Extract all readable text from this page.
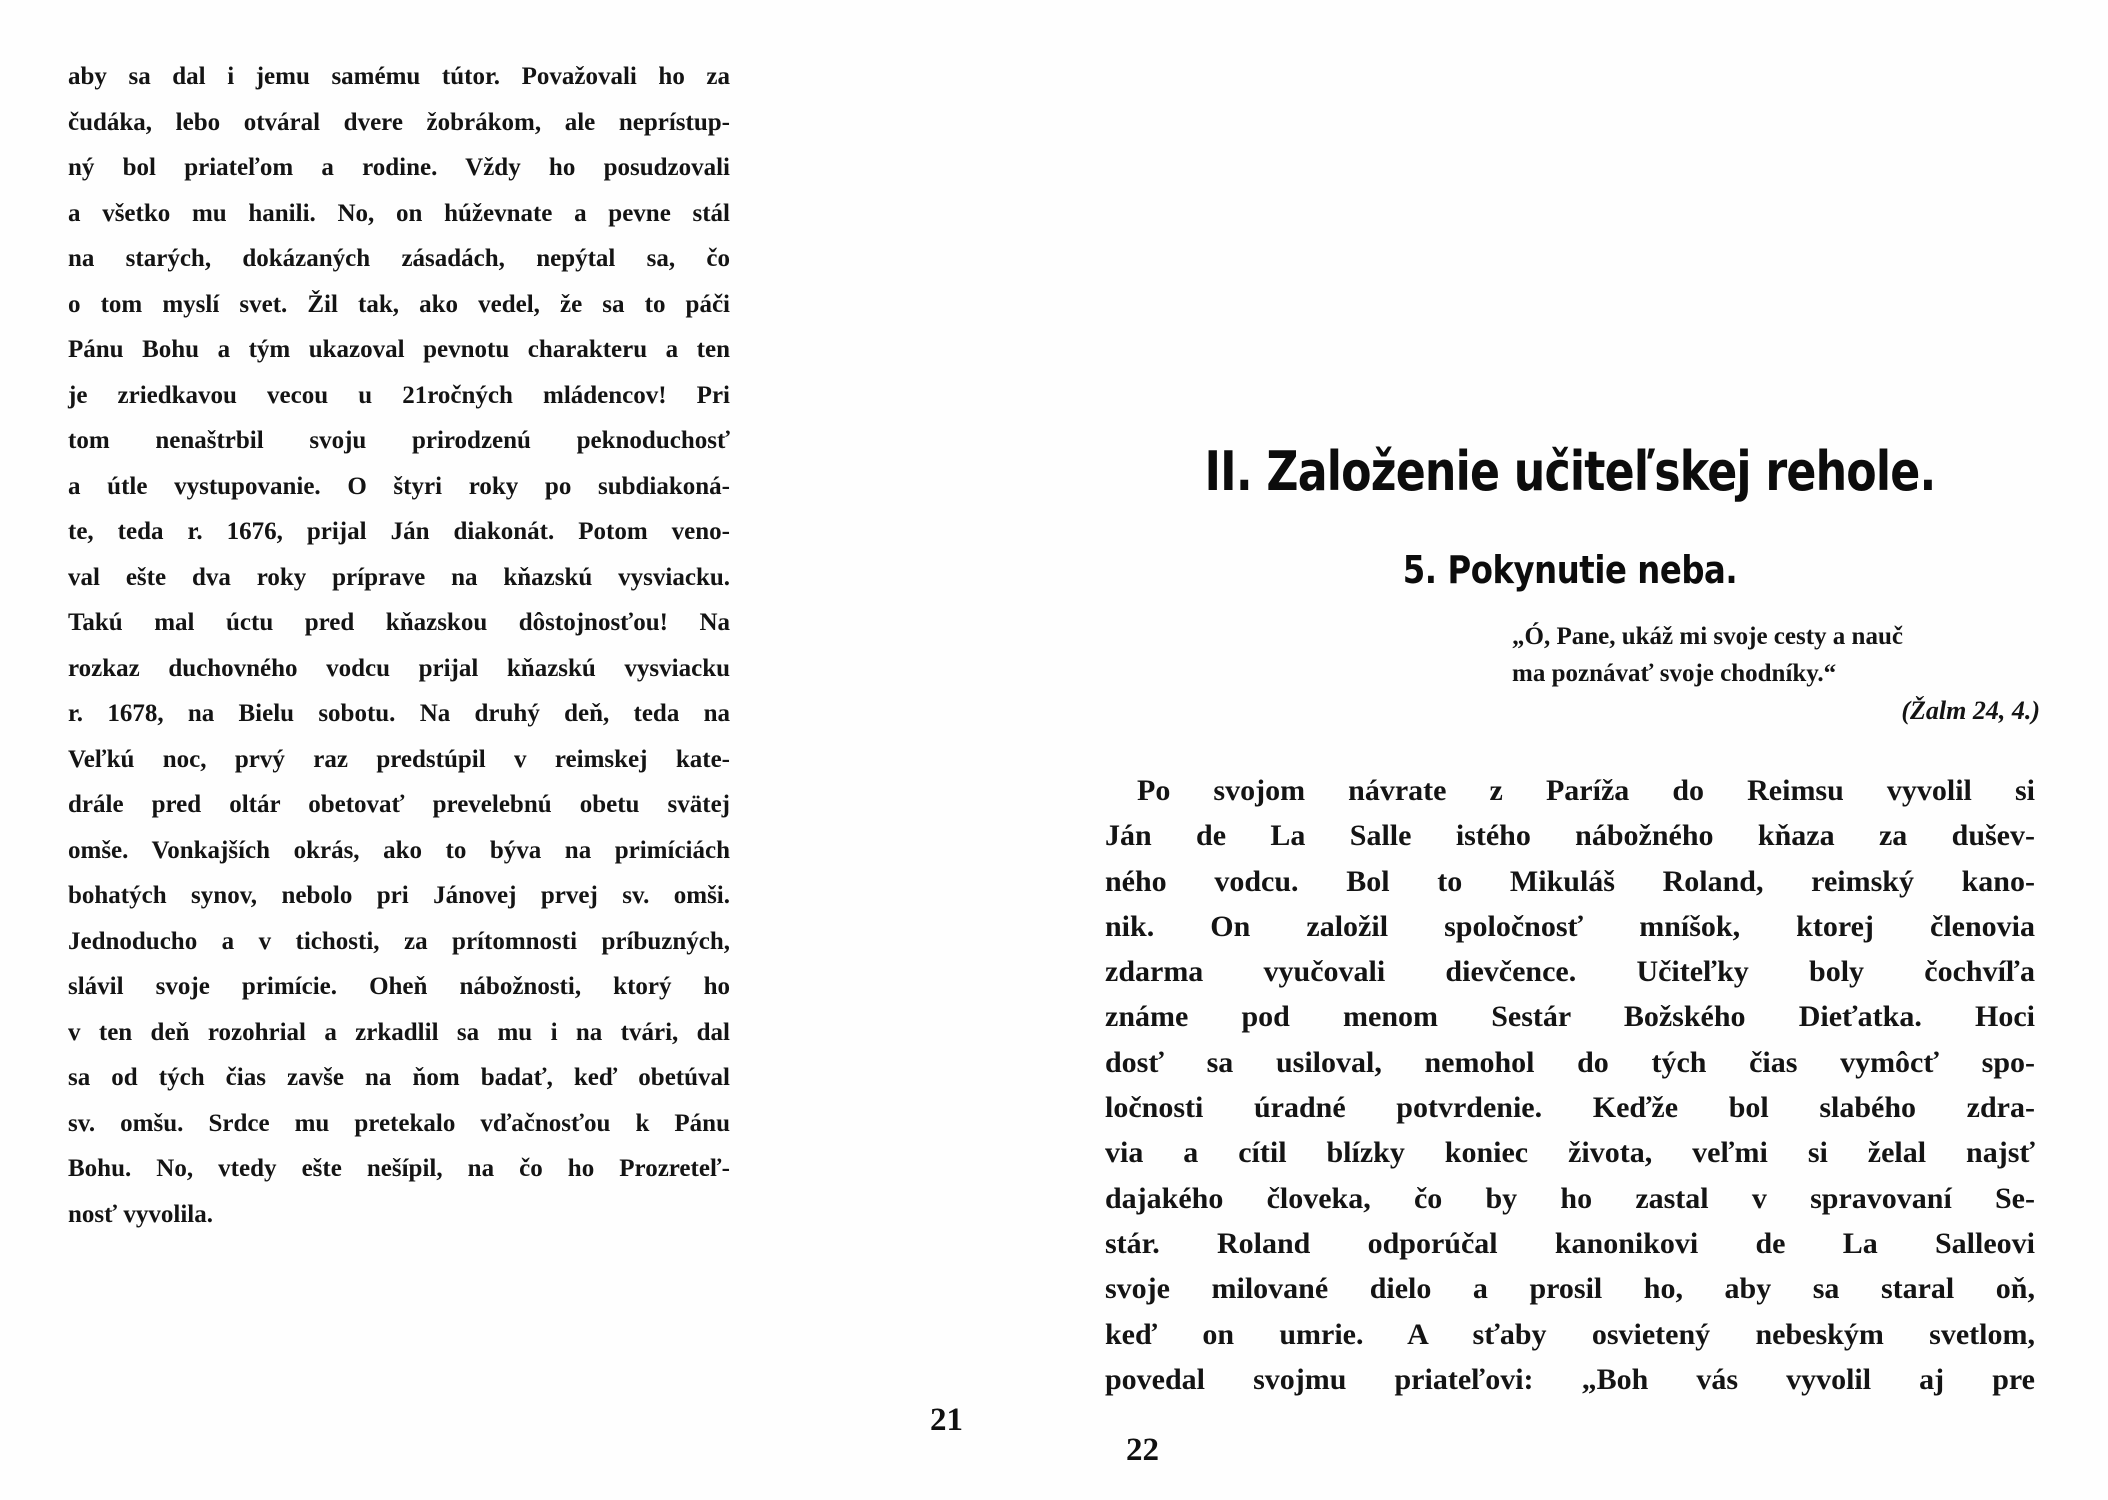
aby sa dal i jemu samému tútor. Považovali ho za
čudáka, lebo otváral dvere žobrákom, ale neprístup-
ný bol priateľom a rodine. Vždy ho posudzovali
a všetko mu hanili. No, on húževnate a pevne stál
na starých, dokázaných zásadách, nepýtal sa, čo
o tom myslí svet. Žil tak, ako vedel, že sa to páči
Pánu Bohu a tým ukazoval pevnotu charakteru a ten
je zriedkavou vecou u 21ročných mládencov! Pri
tom nenaštrbil svoju prirodzenú peknoduchosť
a útle vystupovanie. O štyri roky po subdiakoná-
te, teda r. 1676, prijal Ján diakonát. Potom veno-
val ešte dva roky príprave na kňazskú vysviacku.
Takú mal úctu pred kňazskou dôstojnosťou! Na
rozkaz duchovného vodcu prijal kňazskú vysviacku
r. 1678, na Bielu sobotu. Na druhý deň, teda na
Veľkú noc, prvý raz predstúpil v reimskej kate-
drále pred oltár obetovať prevelebnú obetu svätej
omše. Vonkajších okrás, ako to býva na primíciách
bohatých synov, nebolo pri Jánovej prvej sv. omši.
Jednoducho a v tichosti, za prítomnosti príbuzných,
slávil svoje primície. Oheň nábožnosti, ktorý ho
v ten deň rozohrial a zrkadlil sa mu i na tvári, dal
sa od tých čias zavše na ňom badať, keď obetúval
sv. omšu. Srdce mu pretekalo vďačnosťou k Pánu
Bohu. No, vtedy ešte nešípil, na čo ho Prozreteľ-
nosť vyvolila.
21
II. Založenie učiteľskej rehole.
5. Pokynutie neba.
„Ó, Pane, ukáž mi svoje cesty a nauč
ma poznávať svoje chodníky.“
(Žalm 24, 4.)
Po svojom návrate z Paríža do Reimsu vyvolil si
Ján de La Salle istého nábožného kňaza za dušev-
ného vodcu. Bol to Mikuláš Roland, reimský kano-
nik. On založil spoločnosť mníšok, ktorej členovia
zdarma vyučovali dievčence. Učiteľky boly čochvíľa
známe pod menom Sestár Božského Dieťatka. Hoci
dosť sa usiloval, nemohol do tých čias vymôcť spo-
ločnosti úradné potvrdenie. Keďže bol slabého zdra-
via a cítil blízky koniec života, veľmi si želal najsť
dajakého človeka, čo by ho zastal v spravovaní Se-
stár. Roland odporúčal kanonikovi de La Salleovi
svoje milované dielo a prosil ho, aby sa staral oň,
keď on umrie. A sťaby osvietený nebeským svetlom,
povedal svojmu priateľovi: „Boh vás vyvolil aj pre
22
